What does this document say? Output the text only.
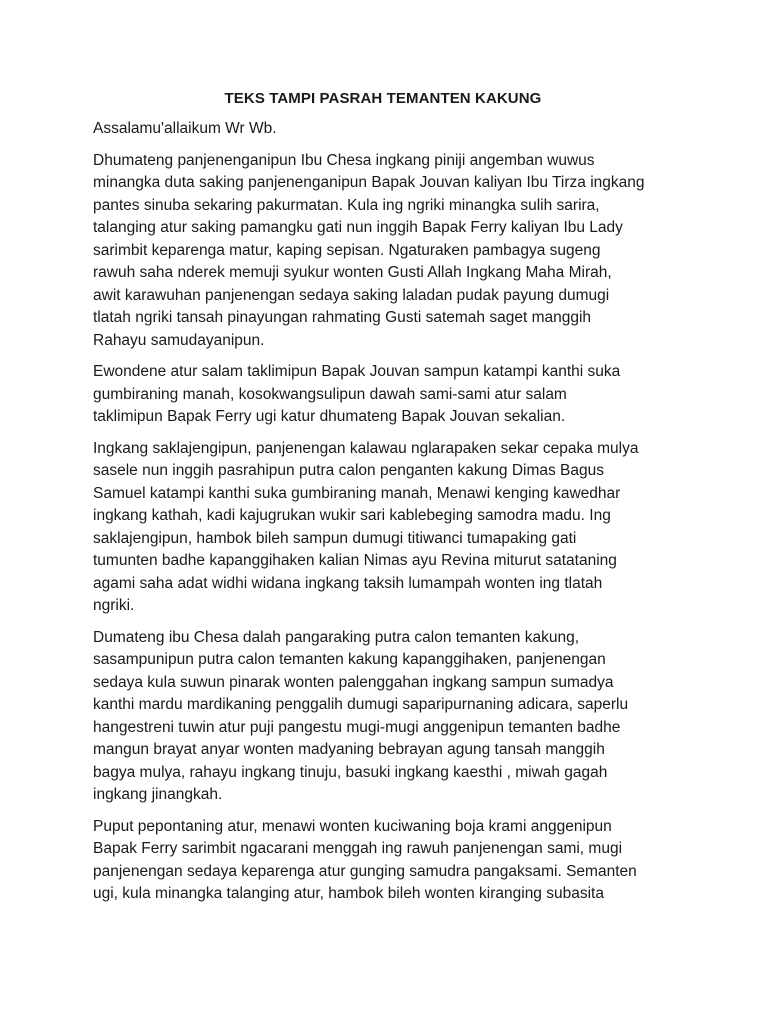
TEKS TAMPI PASRAH TEMANTEN KAKUNG
Assalamu'allaikum Wr Wb.
Dhumateng panjenenganipun Ibu Chesa ingkang piniji angemban wuwus
minangka duta saking panjenenganipun Bapak Jouvan kaliyan Ibu Tirza ingkang
pantes sinuba sekaring pakurmatan. Kula ing ngriki minangka sulih sarira,
talanging atur saking pamangku gati nun inggih Bapak Ferry kaliyan Ibu Lady
sarimbit keparenga matur, kaping sepisan. Ngaturaken pambagya sugeng
rawuh saha nderek memuji syukur wonten Gusti Allah Ingkang Maha Mirah,
awit karawuhan panjenengan sedaya saking laladan pudak payung dumugi
tlatah ngriki tansah pinayungan rahmating Gusti satemah saget manggih
Rahayu samudayanipun.
Ewondene atur salam taklimipun Bapak Jouvan sampun katampi kanthi suka
gumbiraning manah, kosokwangsulipun dawah sami-sami atur salam
taklimipun Bapak Ferry ugi katur dhumateng Bapak Jouvan sekalian.
Ingkang saklajengipun, panjenengan kalawau nglarapaken sekar cepaka mulya
sasele nun inggih pasrahipun putra calon penganten kakung Dimas Bagus
Samuel katampi kanthi suka gumbiraning manah, Menawi kenging kawedhar
ingkang kathah, kadi kajugrukan wukir sari kablebeging samodra madu. Ing
saklajengipun, hambok bileh sampun dumugi titiwanci tumapaking gati
tumunten badhe kapanggihaken kalian Nimas ayu Revina miturut satataning
agami saha adat widhi widana ingkang taksih lumampah wonten ing tlatah
ngriki.
Dumateng ibu Chesa dalah pangaraking putra calon temanten kakung,
sasampunipun putra calon temanten kakung kapanggihaken, panjenengan
sedaya kula suwun pinarak wonten palenggahan ingkang sampun sumadya
kanthi mardu mardikaning penggalih dumugi saparipurnaning adicara, saperlu
hangestreni tuwin atur puji pangestu mugi-mugi anggenipun temanten badhe
mangun brayat anyar wonten madyaning bebrayan agung tansah manggih
bagya mulya, rahayu ingkang tinuju, basuki ingkang kaesthi , miwah gagah
ingkang jinangkah.
Puput pepontaning atur, menawi wonten kuciwaning boja krami anggenipun
Bapak Ferry sarimbit ngacarani menggah ing rawuh panjenengan sami, mugi
panjenengan sedaya keparenga atur gunging samudra pangaksami. Semanten
ugi, kula minangka talanging atur, hambok bileh wonten kiranging subasita
